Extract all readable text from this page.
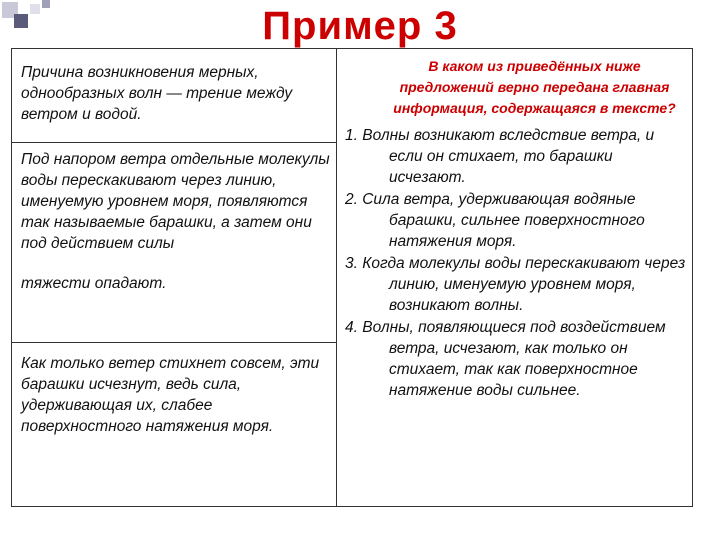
Пример 3
Причина возникновения мерных, однообразных волн — трение между ветром и водой.
Под напором ветра отдельные молекулы воды перескакивают через линию, именуемую уровнем моря, появляются так называемые барашки, а затем они под действием силы
тяжести опадают.
Как только ветер стихнет совсем, эти барашки исчезнут, ведь сила, удерживающая их, слабее поверхностного натяжения моря.
В каком из приведённых ниже предложений верно передана главная информация, содержащаяся в тексте?
1. Волны возникают вследствие ветра, и если он стихает, то барашки исчезают.
2. Сила ветра, удерживающая водяные барашки, сильнее поверхностного натяжения моря.
3. Когда молекулы воды перескакивают через линию, именуемую уровнем моря, возникают волны.
4. Волны, появляющиеся под воздействием ветра, исчезают, как только он стихает, так как поверхностное натяжение воды сильнее.
